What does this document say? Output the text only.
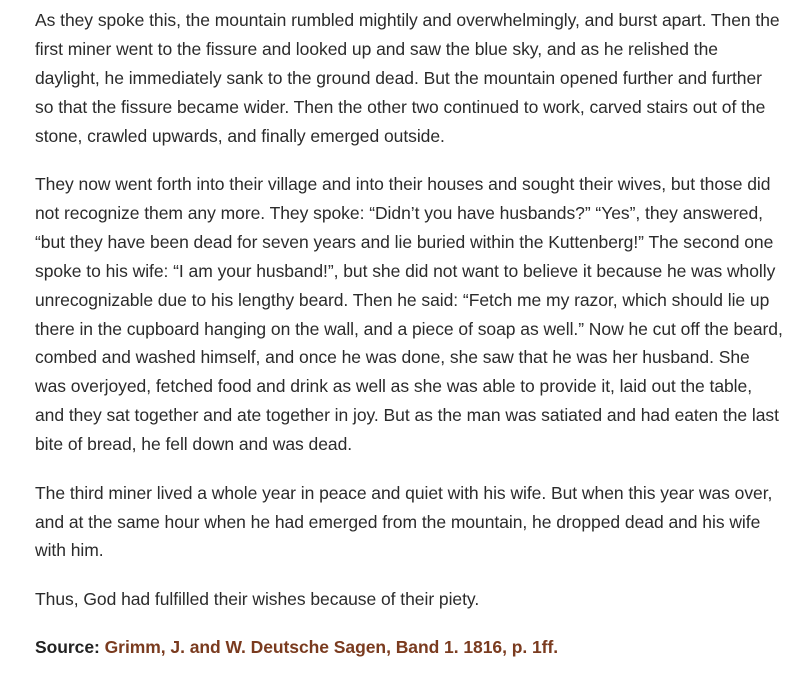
As they spoke this, the mountain rumbled mightily and overwhelmingly, and burst apart. Then the first miner went to the fissure and looked up and saw the blue sky, and as he relished the daylight, he immediately sank to the ground dead. But the mountain opened further and further so that the fissure became wider. Then the other two continued to work, carved stairs out of the stone, crawled upwards, and finally emerged outside.

They now went forth into their village and into their houses and sought their wives, but those did not recognize them any more. They spoke: “Didn’t you have husbands?” “Yes”, they answered, “but they have been dead for seven years and lie buried within the Kuttenberg!” The second one spoke to his wife: “I am your husband!”, but she did not want to believe it because he was wholly unrecognizable due to his lengthy beard. Then he said: “Fetch me my razor, which should lie up there in the cupboard hanging on the wall, and a piece of soap as well.” Now he cut off the beard, combed and washed himself, and once he was done, she saw that he was her husband. She was overjoyed, fetched food and drink as well as she was able to provide it, laid out the table, and they sat together and ate together in joy. But as the man was satiated and had eaten the last bite of bread, he fell down and was dead.

The third miner lived a whole year in peace and quiet with his wife. But when this year was over, and at the same hour when he had emerged from the mountain, he dropped dead and his wife with him.

Thus, God had fulfilled their wishes because of their piety.

Source: Grimm, J. and W. Deutsche Sagen, Band 1. 1816, p. 1ff.
